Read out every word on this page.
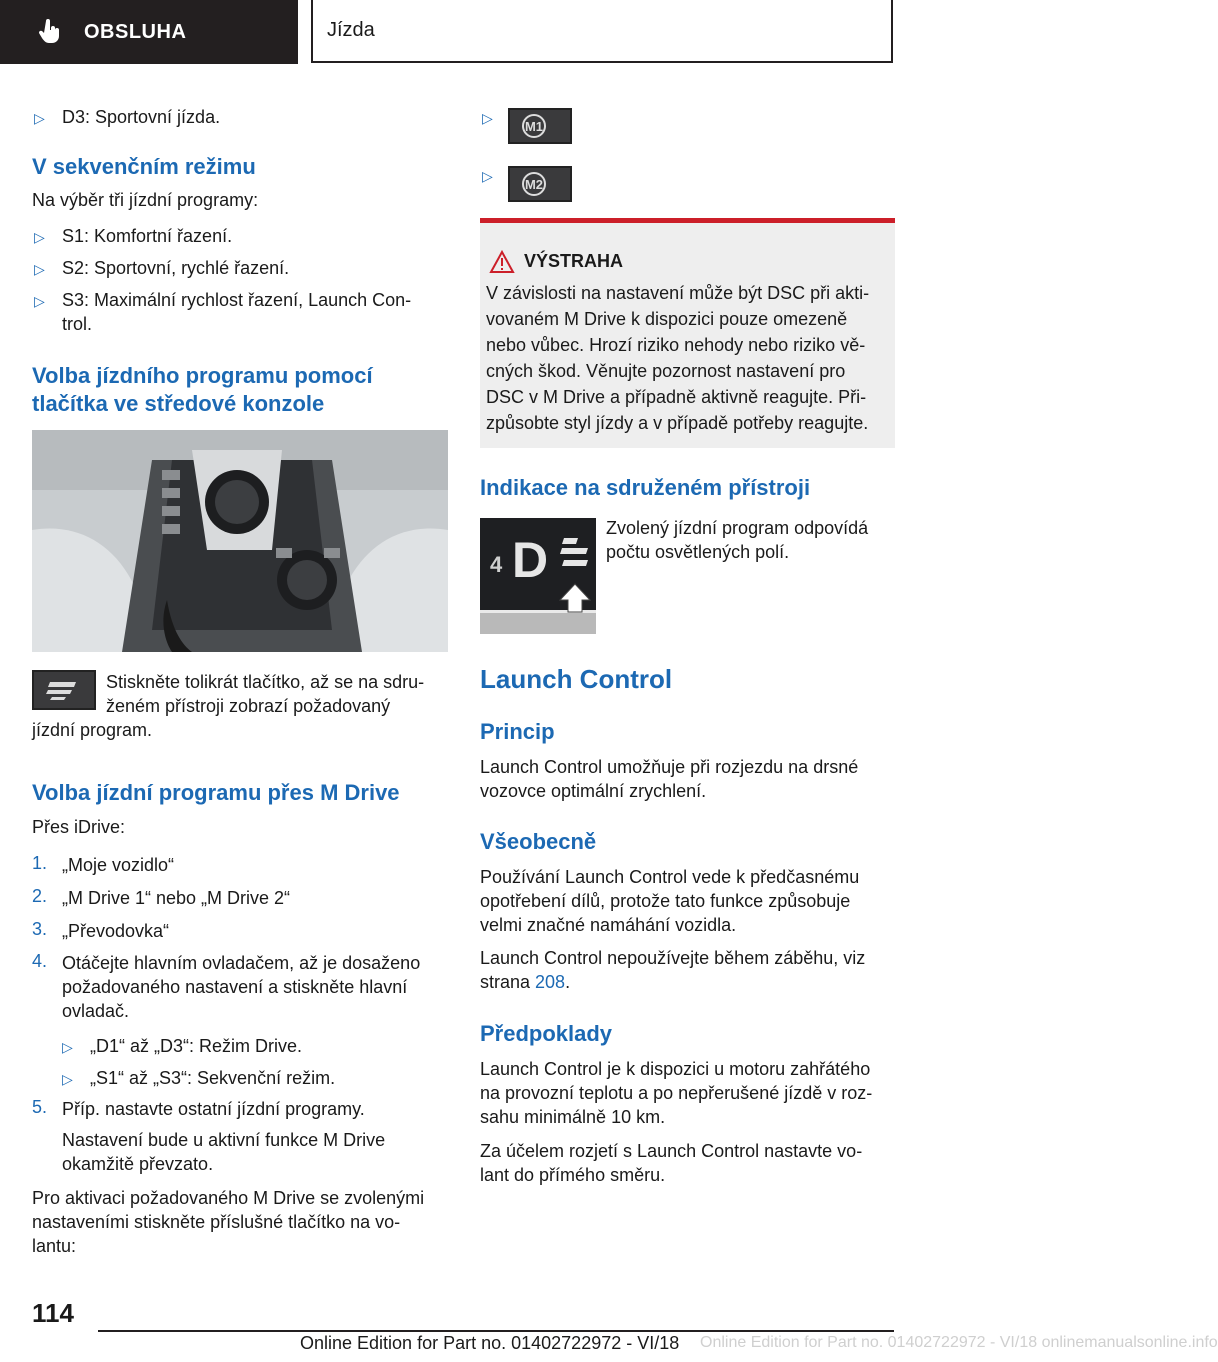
OBSLUHA	Jízda
▷ D3: Sportovní jízda.
V sekvenčním režimu
Na výběr tři jízdní programy:
▷ S1: Komfortní řazení.
▷ S2: Sportovní, rychlé řazení.
▷ S3: Maximální rychlost řazení, Launch Con-
trol.
Volba jízdního programu pomocí
tlačítka ve středové konzole
Stiskněte tolikrát tlačítko, až se na sdru-
ženém přístroji zobrazí požadovaný
jízdní program.
Volba jízdní programu přes M Drive
Přes iDrive:
1. „Moje vozidlo“
2. „M Drive 1“ nebo „M Drive 2“
3. „Převodovka“
4. Otáčejte hlavním ovladačem, až je dosaženo
požadovaného nastavení a stiskněte hlavní
ovladač.
▷ „D1“ až „D3“: Režim Drive.
▷ „S1“ až „S3“: Sekvenční režim.
5. Příp. nastavte ostatní jízdní programy.
Nastavení bude u aktivní funkce M Drive
okamžitě převzato.
Pro aktivaci požadovaného M Drive se zvolenými
nastaveními stiskněte příslušné tlačítko na vo-
lantu:
▷
M1
▷
M2
VÝSTRAHA
V závislosti na nastavení může být DSC při akti-
vovaném M Drive k dispozici pouze omezeně
nebo vůbec. Hrozí riziko nehody nebo riziko vě-
cných škod. Věnujte pozornost nastavení pro
DSC v M Drive a případně aktivně reagujte. Při-
způsobte styl jízdy a v případě potřeby reagujte.
Indikace na sdruženém přístroji
4 D
Zvolený jízdní program odpovídá
počtu osvětlených polí.
Launch Control
Princip
Launch Control umožňuje při rozjezdu na drsné
vozovce optimální zrychlení.
Všeobecně
Používání Launch Control vede k předčasnému
opotřebení dílů, protože tato funkce způsobuje
velmi značné namáhání vozidla.
Launch Control nepoužívejte během záběhu, viz
strana 208.
Předpoklady
Launch Control je k dispozici u motoru zahřátého
na provozní teplotu a po nepřerušené jízdě v roz-
sahu minimálně 10 km.
Za účelem rozjetí s Launch Control nastavte vo-
lant do přímého směru.
114
Online Edition for Part no. 01402722972 - VI/18 Online Edition for Part no. 01402722972 - VI/18 onlinemanualsonline.info
